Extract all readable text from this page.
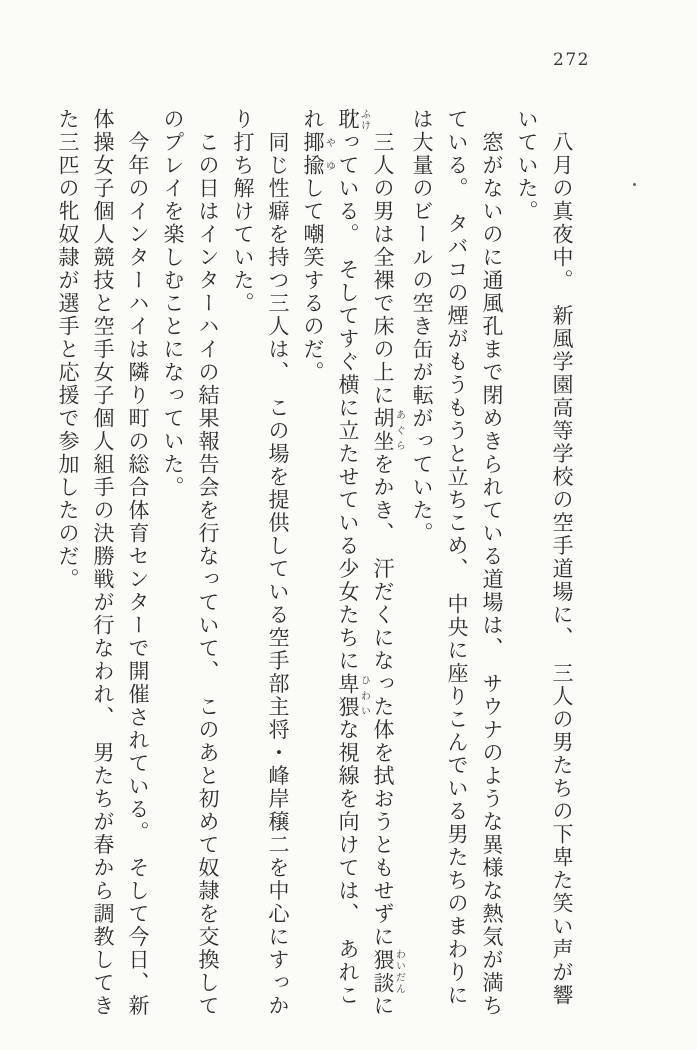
272

八月の真夜中。　新風学園高等学校の空手道場に、　三人の男たちの下卑た笑い声が響いていた。

窓がないのに通風孔まで閉めきられている道場は、　サウナのような異様な熱気が満ちている。　タバコの煙がもうもうと立ちこめ、　中央に座りこんでいる男たちのまわりには大量のビールの空き缶が転がっていた。

三人の男は全裸で床の上に胡坐あぐらをかき、　汗だくになった体を拭おうともせずに猥談わいだんに耽ふけっている。　そしてすぐ横に立たせている少女たちに卑猥ひわいな視線を向けては、　あれこれ揶揄やゆして嘲笑するのだ。

同じ性癖を持つ三人は、　この場を提供している空手部主将・峰岸穣二を中心にすっかり打ち解けていた。

この日はインターハイの結果報告会を行なっていて、　このあと初めて奴隷を交換してのプレイを楽しむことになっていた。

今年のインターハイは隣り町の総合体育センターで開催されている。　そして今日、新体操女子個人競技と空手女子個人組手の決勝戦が行なわれ、　男たちが春から調教してきた三匹の牝奴隷が選手と応援で参加したのだ。
